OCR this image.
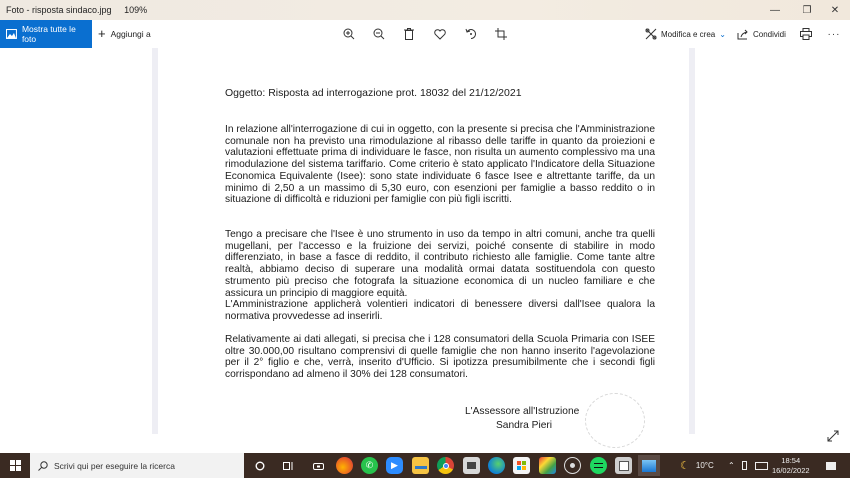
Foto - risposta sindaco.jpg 109%	— ❐ ✕
Mostra tutte le foto	+ Aggiungi a	Modifica e crea ⌄	Condividi	···
Oggetto: Risposta ad interrogazione prot. 18032 del 21/12/2021
In relazione all'interrogazione di cui in oggetto, con la presente si precisa che l'Amministrazione comunale non ha previsto una rimodulazione al ribasso delle tariffe in quanto da proiezioni e valutazioni effettuate prima di individuare le fasce, non risulta un aumento complessivo ma una rimodulazione del sistema tariffario. Come criterio è stato applicato l'Indicatore della Situazione Economica Equivalente (Isee): sono state individuate 6 fasce Isee e altrettante tariffe, da un minimo di 2,50 a un massimo di 5,30 euro, con esenzioni per famiglie a basso reddito o in situazione di difficoltà e riduzioni per famiglie con più figli iscritti.
Tengo a precisare che l'Isee è uno strumento in uso da tempo in altri comuni, anche tra quelli mugellani, per l'accesso e la fruizione dei servizi, poiché consente di stabilire in modo differenziato, in base a fasce di reddito, il contributo richiesto alle famiglie. Come tante altre realtà, abbiamo deciso di superare una modalità ormai datata sostituendola con questo strumento più preciso che fotografa la situazione economica di un nucleo familiare e che assicura un principio di maggiore equità.
L'Amministrazione applicherà volentieri indicatori di benessere diversi dall'Isee qualora la normativa provvedesse ad inserirli.
Relativamente ai dati allegati, si precisa che i 128 consumatori della Scuola Primaria con ISEE oltre 30.000,00 risultano comprensivi di quelle famiglie che non hanno inserito l'agevolazione per il 2° figlio e che, verrà, inserito d'Ufficio. Si ipotizza presumibilmente che i secondi figli corrispondano ad almeno il 30% dei 128 consumatori.
L'Assessore all'Istruzione
Sandra Pieri
Scrivi qui per eseguire la ricerca	✆ ▶	☾ 10°C ⌃
18:54
16/02/2022
